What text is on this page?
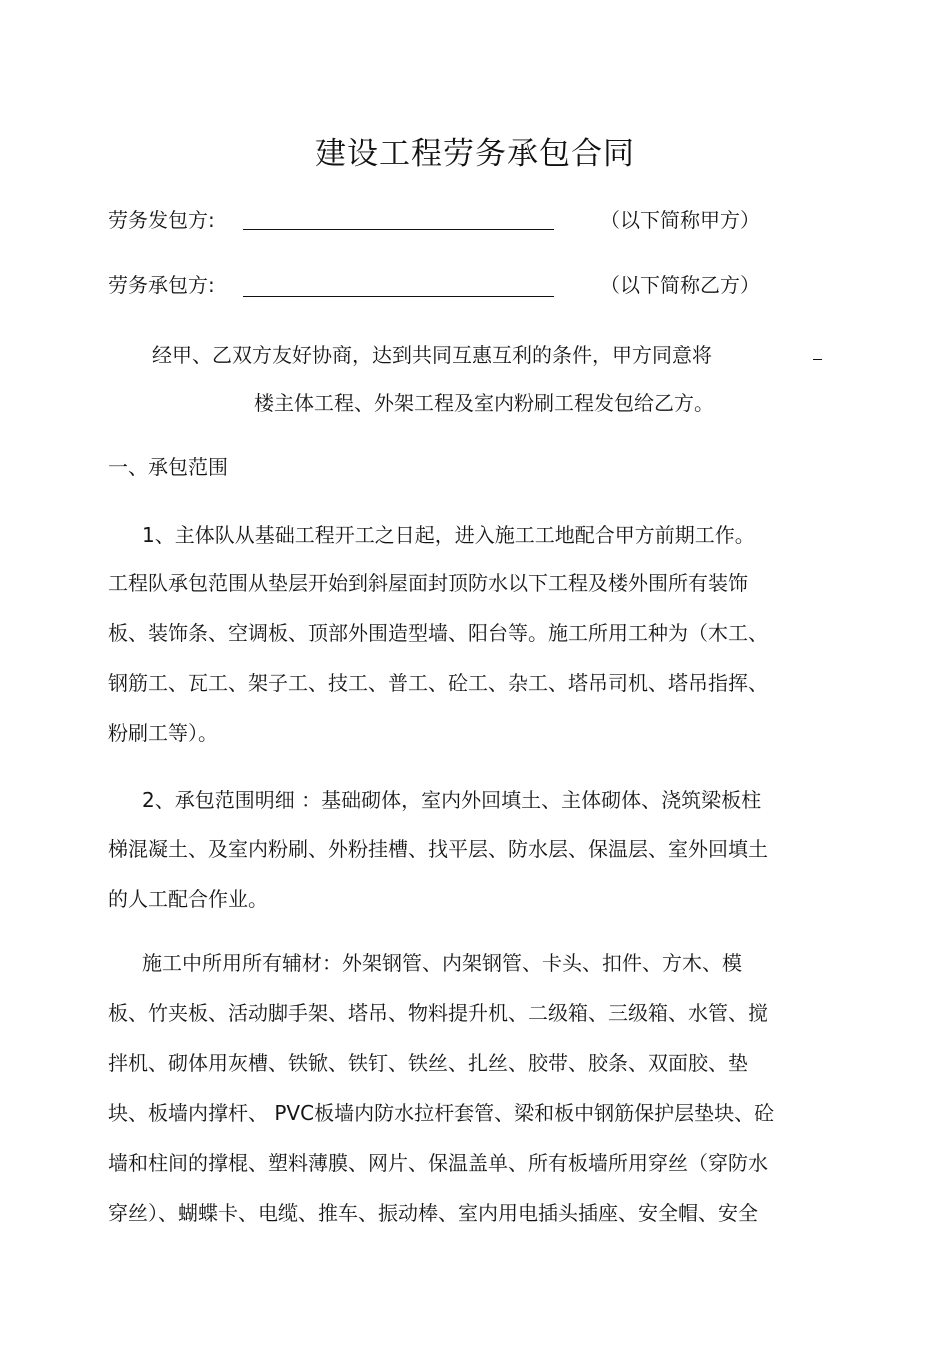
建设工程劳务承包合同
劳务发包方:	（以下简称甲方）
劳务承包方:	（以下简称乙方）
经甲、乙双方友好协商，达到共同互惠互利的条件，甲方同意将
楼主体工程、外架工程及室内粉刷工程发包给乙方。
一、承包范围
1、主体队从基础工程开工之日起，进入施工工地配合甲方前期工作。
工程队承包范围从垫层开始到斜屋面封顶防水以下工程及楼外围所有装饰
板、装饰条、空调板、顶部外围造型墙、阳台等。施工所用工种为（木工、
钢筋工、瓦工、架子工、技工、普工、砼工、杂工、塔吊司机、塔吊指挥、
粉刷工等）。
2、承包范围明细 ：基础砌体，室内外回填土、主体砌体、浇筑梁板柱
梯混凝土、及室内粉刷、外粉挂槽、找平层、防水层、保温层、室外回填土
的人工配合作业。
施工中所用所有辅材：外架钢管、内架钢管、卡头、扣件、方木、模
板、竹夹板、活动脚手架、塔吊、物料提升机、二级箱、三级箱、水管、搅
拌机、砌体用灰槽、铁锨、铁钉、铁丝、扎丝、胶带、胶条、双面胶、垫
块、板墙内撑杆、 PVC板墙内防水拉杆套管、梁和板中钢筋保护层垫块、砼
墙和柱间的撑棍、塑料薄膜、网片、保温盖单、所有板墙所用穿丝（穿防水
穿丝）、蝴蝶卡、电缆、推车、振动棒、室内用电插头插座、安全帽、安全
